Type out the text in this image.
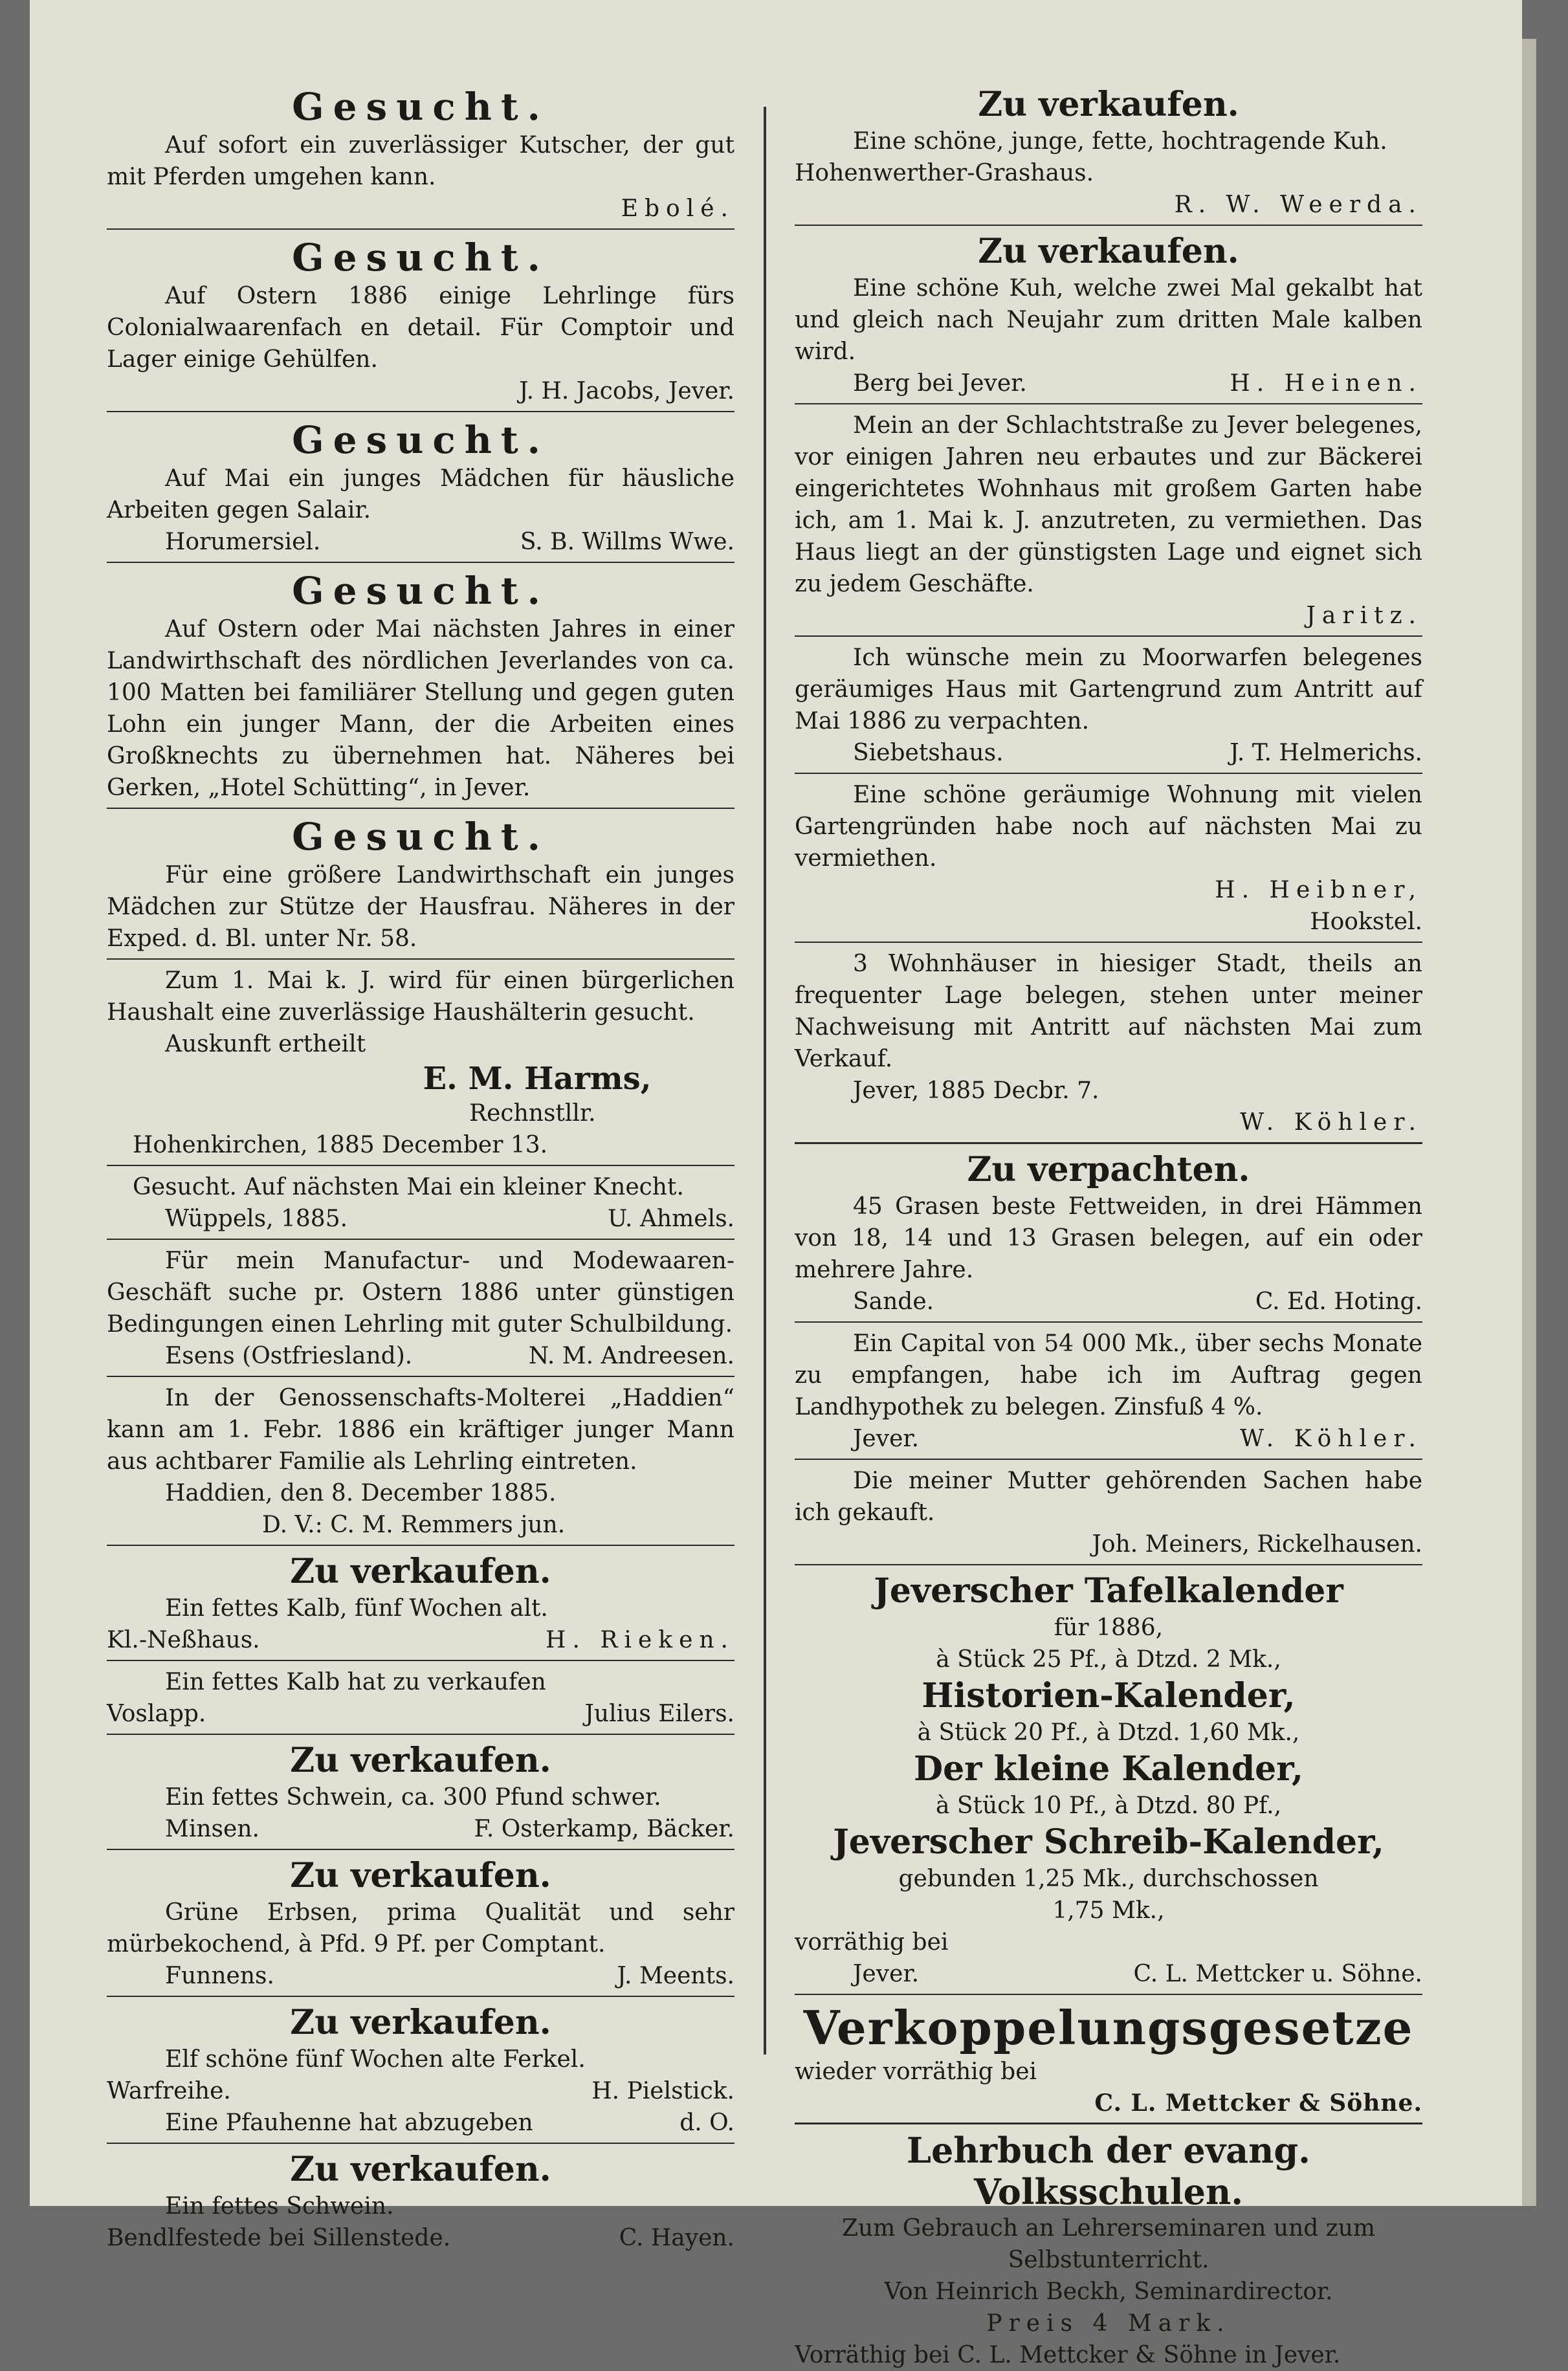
Gesucht.
Auf sofort ein zuverlässiger Kutscher, der gut mit Pferden umgehen kann.
Ebolé.
Gesucht.
Auf Ostern 1886 einige Lehrlinge fürs Colonialwaarenfach en detail. Für Comptoir und Lager einige Gehülfen.
J. H. Jacobs, Jever.
Gesucht.
Auf Mai ein junges Mädchen für häusliche Arbeiten gegen Salair.
Horumersiel.	S. B. Willms Wwe.
Gesucht.
Auf Ostern oder Mai nächsten Jahres in einer Landwirthschaft des nördlichen Jeverlandes von ca. 100 Matten bei familiärer Stellung und gegen guten Lohn ein junger Mann, der die Arbeiten eines Großknechts zu übernehmen hat. Näheres bei Gerken, „Hotel Schütting“, in Jever.
Gesucht.
Für eine größere Landwirthschaft ein junges Mädchen zur Stütze der Hausfrau. Näheres in der Exped. d. Bl. unter Nr. 58.
Zum 1. Mai k. J. wird für einen bürgerlichen Haushalt eine zuverlässige Haushälterin gesucht.
Auskunft ertheilt
E. M. Harms,
Rechnstllr.
Hohenkirchen, 1885 December 13.
Gesucht. Auf nächsten Mai ein kleiner Knecht.
Wüppels, 1885.	U. Ahmels.
Für mein Manufactur- und Modewaaren-Geschäft suche pr. Ostern 1886 unter günstigen Bedingungen einen Lehrling mit guter Schulbildung.
Esens (Ostfriesland).	N. M. Andreesen.
In der Genossenschafts-Molterei „Haddien“ kann am 1. Febr. 1886 ein kräftiger junger Mann aus achtbarer Familie als Lehrling eintreten.
Haddien, den 8. December 1885.
D. V.: C. M. Remmers jun.
Zu verkaufen.
Ein fettes Kalb, fünf Wochen alt.
Kl.-Neßhaus.	H. Rieken.
Ein fettes Kalb hat zu verkaufen
Voslapp.	Julius Eilers.
Zu verkaufen.
Ein fettes Schwein, ca. 300 Pfund schwer.
Minsen.	F. Osterkamp, Bäcker.
Zu verkaufen.
Grüne Erbsen, prima Qualität und sehr mürbekochend, à Pfd. 9 Pf. per Comptant.
Funnens.	J. Meents.
Zu verkaufen.
Elf schöne fünf Wochen alte Ferkel.
Warfreihe.	H. Pielstick.
Eine Pfauhenne hat abzugeben	d. O.
Zu verkaufen.
Ein fettes Schwein.
Bendlfestede bei Sillenstede.	C. Hayen.
Zu verkaufen.
Eine schöne, junge, fette, hochtragende Kuh.
Hohenwerther-Grashaus.
R. W. Weerda.
Zu verkaufen.
Eine schöne Kuh, welche zwei Mal gekalbt hat und gleich nach Neujahr zum dritten Male kalben wird.
Berg bei Jever.	H. Heinen.
Mein an der Schlachtstraße zu Jever belegenes, vor einigen Jahren neu erbautes und zur Bäckerei eingerichtetes Wohnhaus mit großem Garten habe ich, am 1. Mai k. J. anzutreten, zu vermiethen. Das Haus liegt an der günstigsten Lage und eignet sich zu jedem Geschäfte.
Jaritz.
Ich wünsche mein zu Moorwarfen belegenes geräumiges Haus mit Gartengrund zum Antritt auf Mai 1886 zu verpachten.
Siebetshaus.	J. T. Helmerichs.
Eine schöne geräumige Wohnung mit vielen Gartengründen habe noch auf nächsten Mai zu vermiethen.
H. Heibner,
Hookstel.
3 Wohnhäuser in hiesiger Stadt, theils an frequenter Lage belegen, stehen unter meiner Nachweisung mit Antritt auf nächsten Mai zum Verkauf.
Jever, 1885 Decbr. 7.
W. Köhler.
Zu verpachten.
45 Grasen beste Fettweiden, in drei Hämmen von 18, 14 und 13 Grasen belegen, auf ein oder mehrere Jahre.
Sande.	C. Ed. Hoting.
Ein Capital von 54 000 Mk., über sechs Monate zu empfangen, habe ich im Auftrag gegen Landhypothek zu belegen. Zinsfuß 4 %.
Jever.	W. Köhler.
Die meiner Mutter gehörenden Sachen habe ich gekauft.
Joh. Meiners, Rickelhausen.
Jeverscher Tafelkalender
für 1886,
à Stück 25 Pf., à Dtzd. 2 Mk.,
Historien-Kalender,
à Stück 20 Pf., à Dtzd. 1,60 Mk.,
Der kleine Kalender,
à Stück 10 Pf., à Dtzd. 80 Pf.,
Jeverscher Schreib-Kalender,
gebunden 1,25 Mk., durchschossen
1,75 Mk.,
vorräthig bei
Jever.	C. L. Mettcker u. Söhne.
Verkoppelungsgesetze
wieder vorräthig bei
C. L. Mettcker & Söhne.
Lehrbuch der evang. Volksschulen.
Zum Gebrauch an Lehrerseminaren und zum Selbstunterricht.
Von Heinrich Beckh, Seminardirector.
Preis 4 Mark.
Vorräthig bei C. L. Mettcker & Söhne in Jever.
